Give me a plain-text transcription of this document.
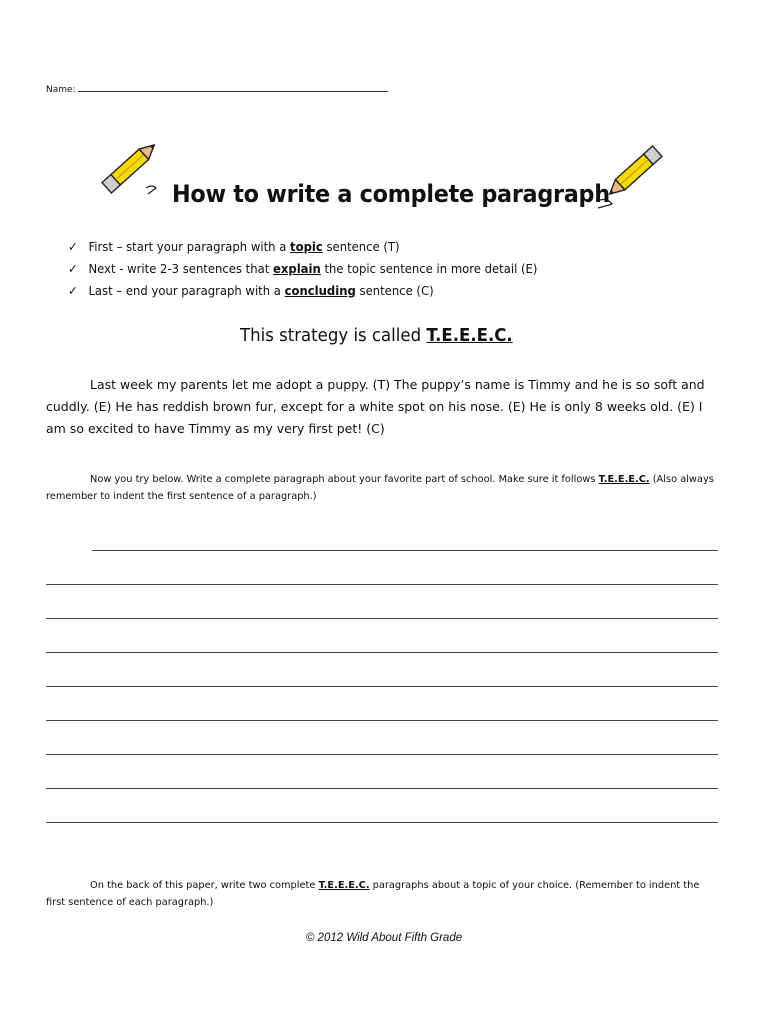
Name:
How to write a complete paragraph
✓ First – start your paragraph with a topic sentence (T)
✓ Next - write 2-3 sentences that explain the topic sentence in more detail (E)
✓ Last – end your paragraph with a concluding sentence (C)
This strategy is called T.E.E.E.C.
Last week my parents let me adopt a puppy. (T) The puppy’s name is Timmy and he is so soft and cuddly. (E) He has reddish brown fur, except for a white spot on his nose. (E) He is only 8 weeks old. (E) I am so excited to have Timmy as my very first pet! (C)
Now you try below. Write a complete paragraph about your favorite part of school. Make sure it follows T.E.E.E.C. (Also always remember to indent the first sentence of a paragraph.)
On the back of this paper, write two complete T.E.E.E.C. paragraphs about a topic of your choice. (Remember to indent the first sentence of each paragraph.)
© 2012 Wild About Fifth Grade
